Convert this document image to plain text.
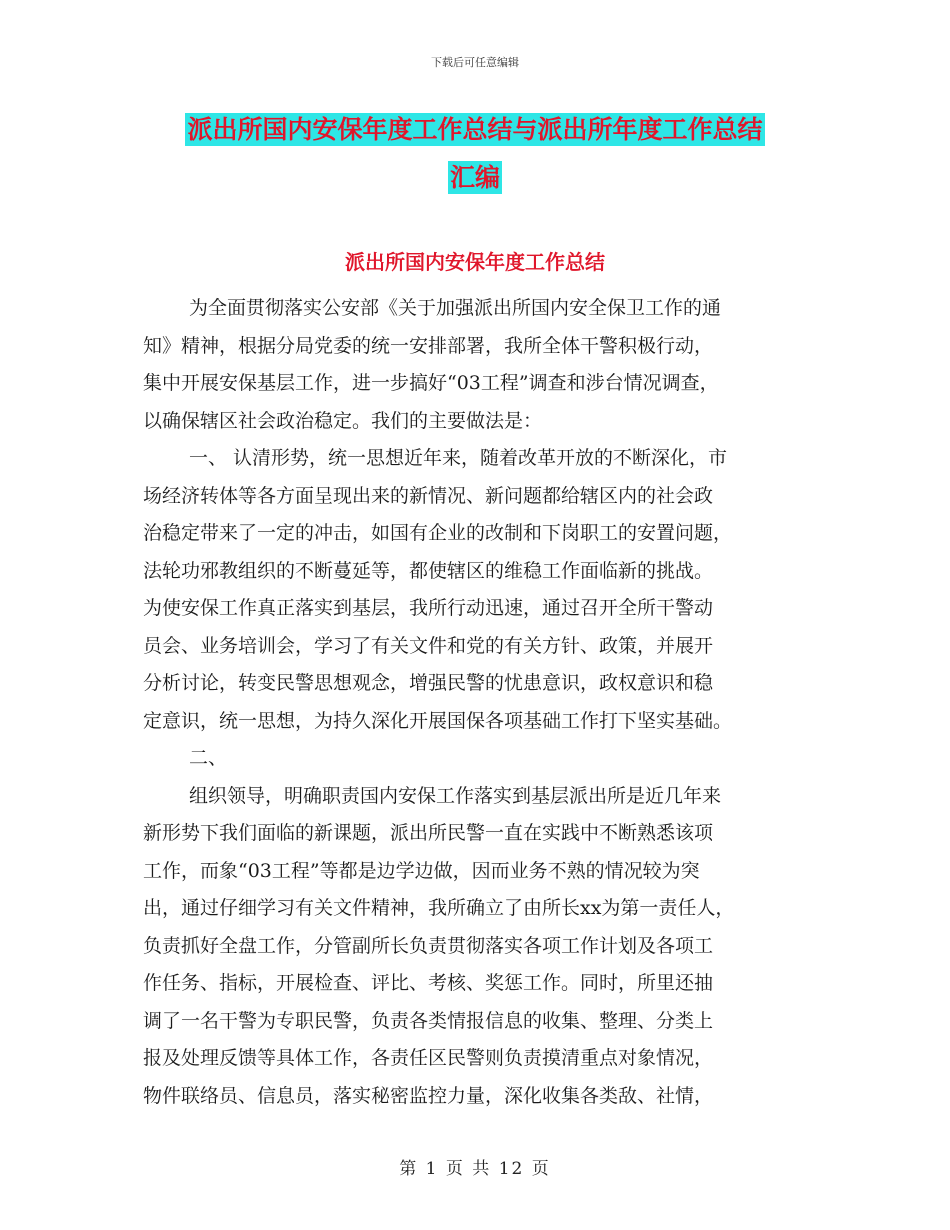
下载后可任意编辑
派出所国内安保年度工作总结与派出所年度工作总结
汇编
派出所国内安保年度工作总结
为全面贯彻落实公安部《关于加强派出所国内安全保卫工作的通
知》精神，根据分局党委的统一安排部署，我所全体干警积极行动，
集中开展安保基层工作，进一步搞好“03工程”调查和涉台情况调查，
以确保辖区社会政治稳定。我们的主要做法是：
一、 认清形势，统一思想近年来，随着改革开放的不断深化，市
场经济转体等各方面呈现出来的新情况、新问题都给辖区内的社会政
治稳定带来了一定的冲击，如国有企业的改制和下岗职工的安置问题，
法轮功邪教组织的不断蔓延等，都使辖区的维稳工作面临新的挑战。
为使安保工作真正落实到基层，我所行动迅速，通过召开全所干警动
员会、业务培训会，学习了有关文件和党的有关方针、政策，并展开
分析讨论，转变民警思想观念，增强民警的忧患意识，政权意识和稳
定意识，统一思想，为持久深化开展国保各项基础工作打下坚实基础。
二、
组织领导，明确职责国内安保工作落实到基层派出所是近几年来
新形势下我们面临的新课题，派出所民警一直在实践中不断熟悉该项
工作，而象“03工程”等都是边学边做，因而业务不熟的情况较为突
出，通过仔细学习有关文件精神，我所确立了由所长xx为第一责任人，
负责抓好全盘工作，分管副所长负责贯彻落实各项工作计划及各项工
作任务、指标，开展检查、评比、考核、奖惩工作。同时，所里还抽
调了一名干警为专职民警，负责各类情报信息的收集、整理、分类上
报及处理反馈等具体工作，各责任区民警则负责摸清重点对象情况，
物件联络员、信息员，落实秘密监控力量，深化收集各类敌、社情，
第 1 页 共 12 页
